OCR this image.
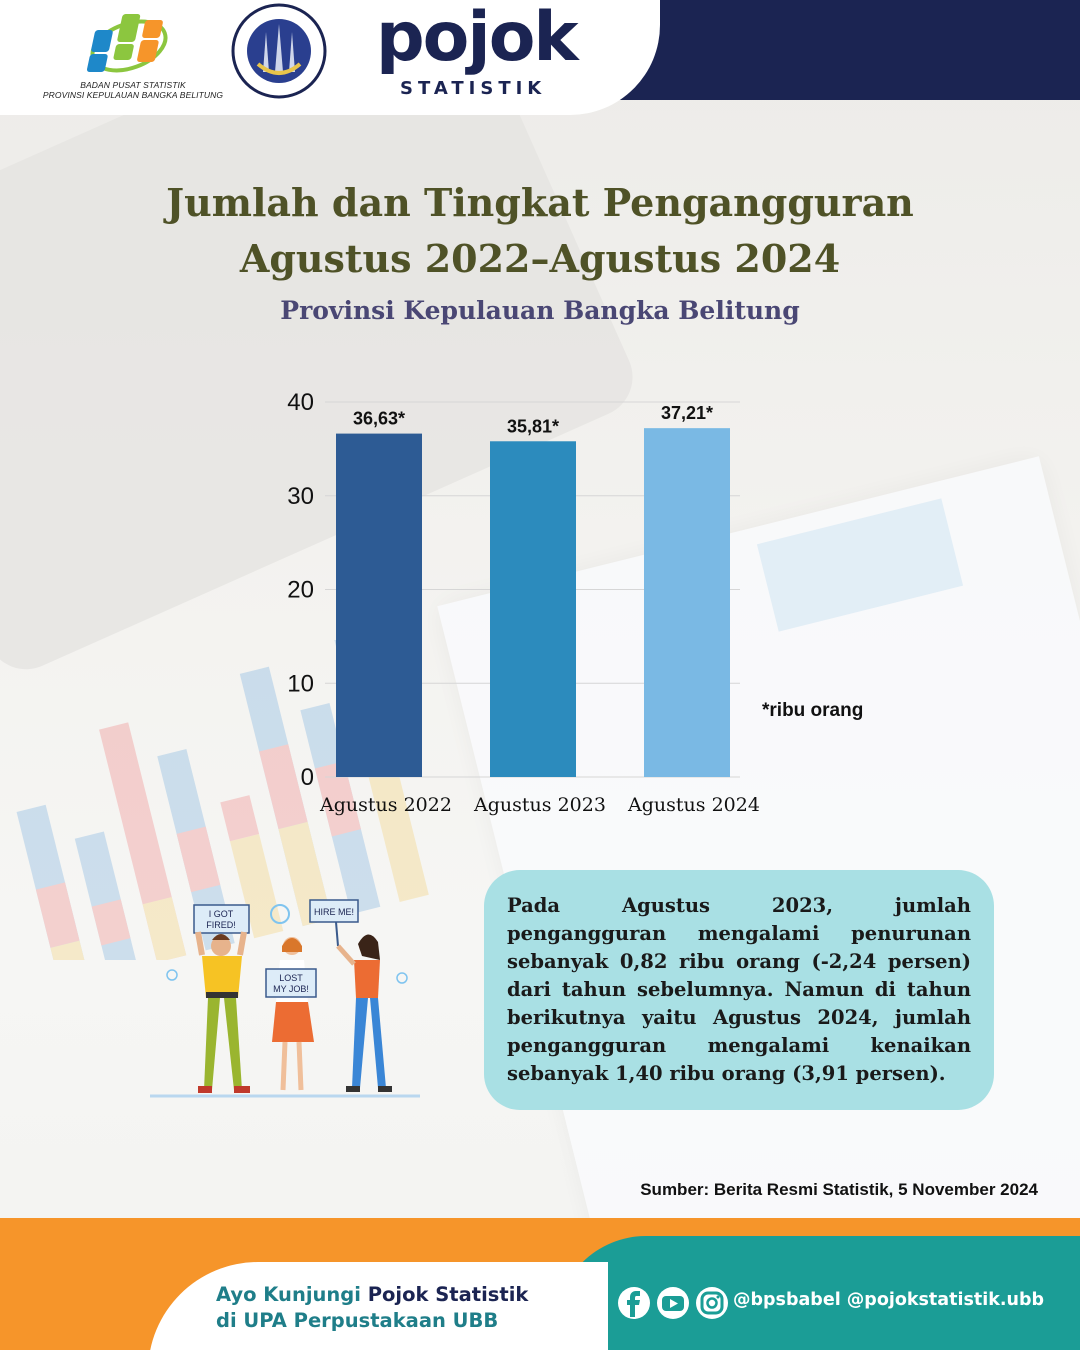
BADAN PUSAT STATISTIK
PROVINSI KEPULAUAN BANGKA BELITUNG
pojok
STATISTIK
Jumlah dan Tingkat Pengangguran
Agustus 2022–Agustus 2024
Provinsi Kepulauan Bangka Belitung
0
10
20
30
40
36,63*
Agustus 2022
35,81*
Agustus 2023
37,21*
Agustus 2024
*ribu orang
I GOT
FIRED!
LOST
MY JOB!
HIRE ME!	Pada Agustus 2023, jumlah pengangguran mengalami penurunan sebanyak 0,82 ribu orang (-2,24 persen) dari tahun sebelumnya. Namun di tahun berikutnya yaitu Agustus 2024, jumlah pengangguran mengalami kenaikan sebanyak 1,40 ribu orang (3,91 persen).

Sumber: Berita Resmi Statistik, 5 November 2024
Ayo Kunjungi Pojok Statistik
di UPA Perpustakaan UBB
@bpsbabel @pojokstatistik.ubb
